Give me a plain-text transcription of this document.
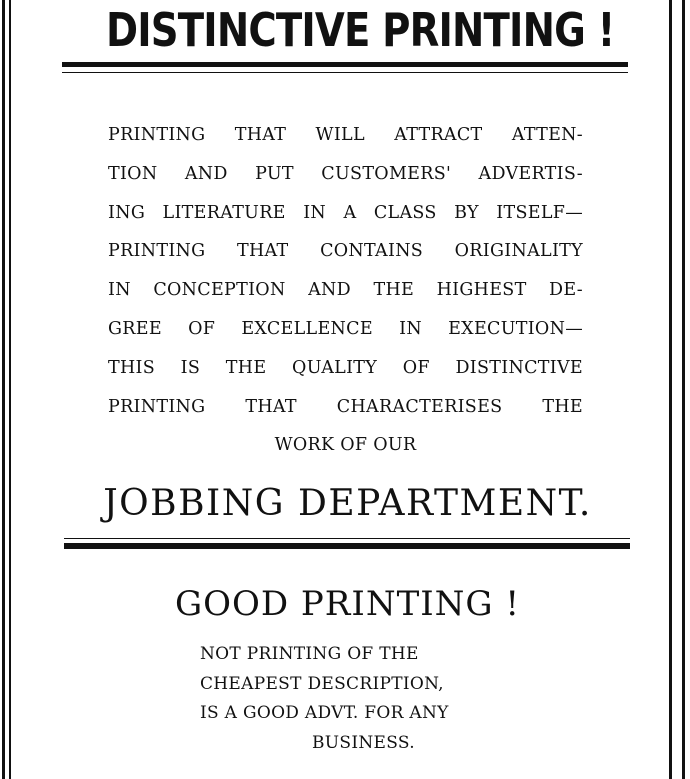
DISTINCTIVE PRINTING !
PRINTING THAT WILL ATTRACT ATTEN-
TION AND PUT CUSTOMERS' ADVERTIS-
ING LITERATURE IN A CLASS BY ITSELF—
PRINTING THAT CONTAINS ORIGINALITY
IN CONCEPTION AND THE HIGHEST DE-
GREE OF EXCELLENCE IN EXECUTION—
THIS IS THE QUALITY OF DISTINCTIVE
PRINTING THAT CHARACTERISES THE
WORK OF OUR
JOBBING DEPARTMENT.
GOOD PRINTING !
NOT PRINTING OF THE
CHEAPEST DESCRIPTION,
IS A GOOD ADVT. FOR ANY
BUSINESS.
